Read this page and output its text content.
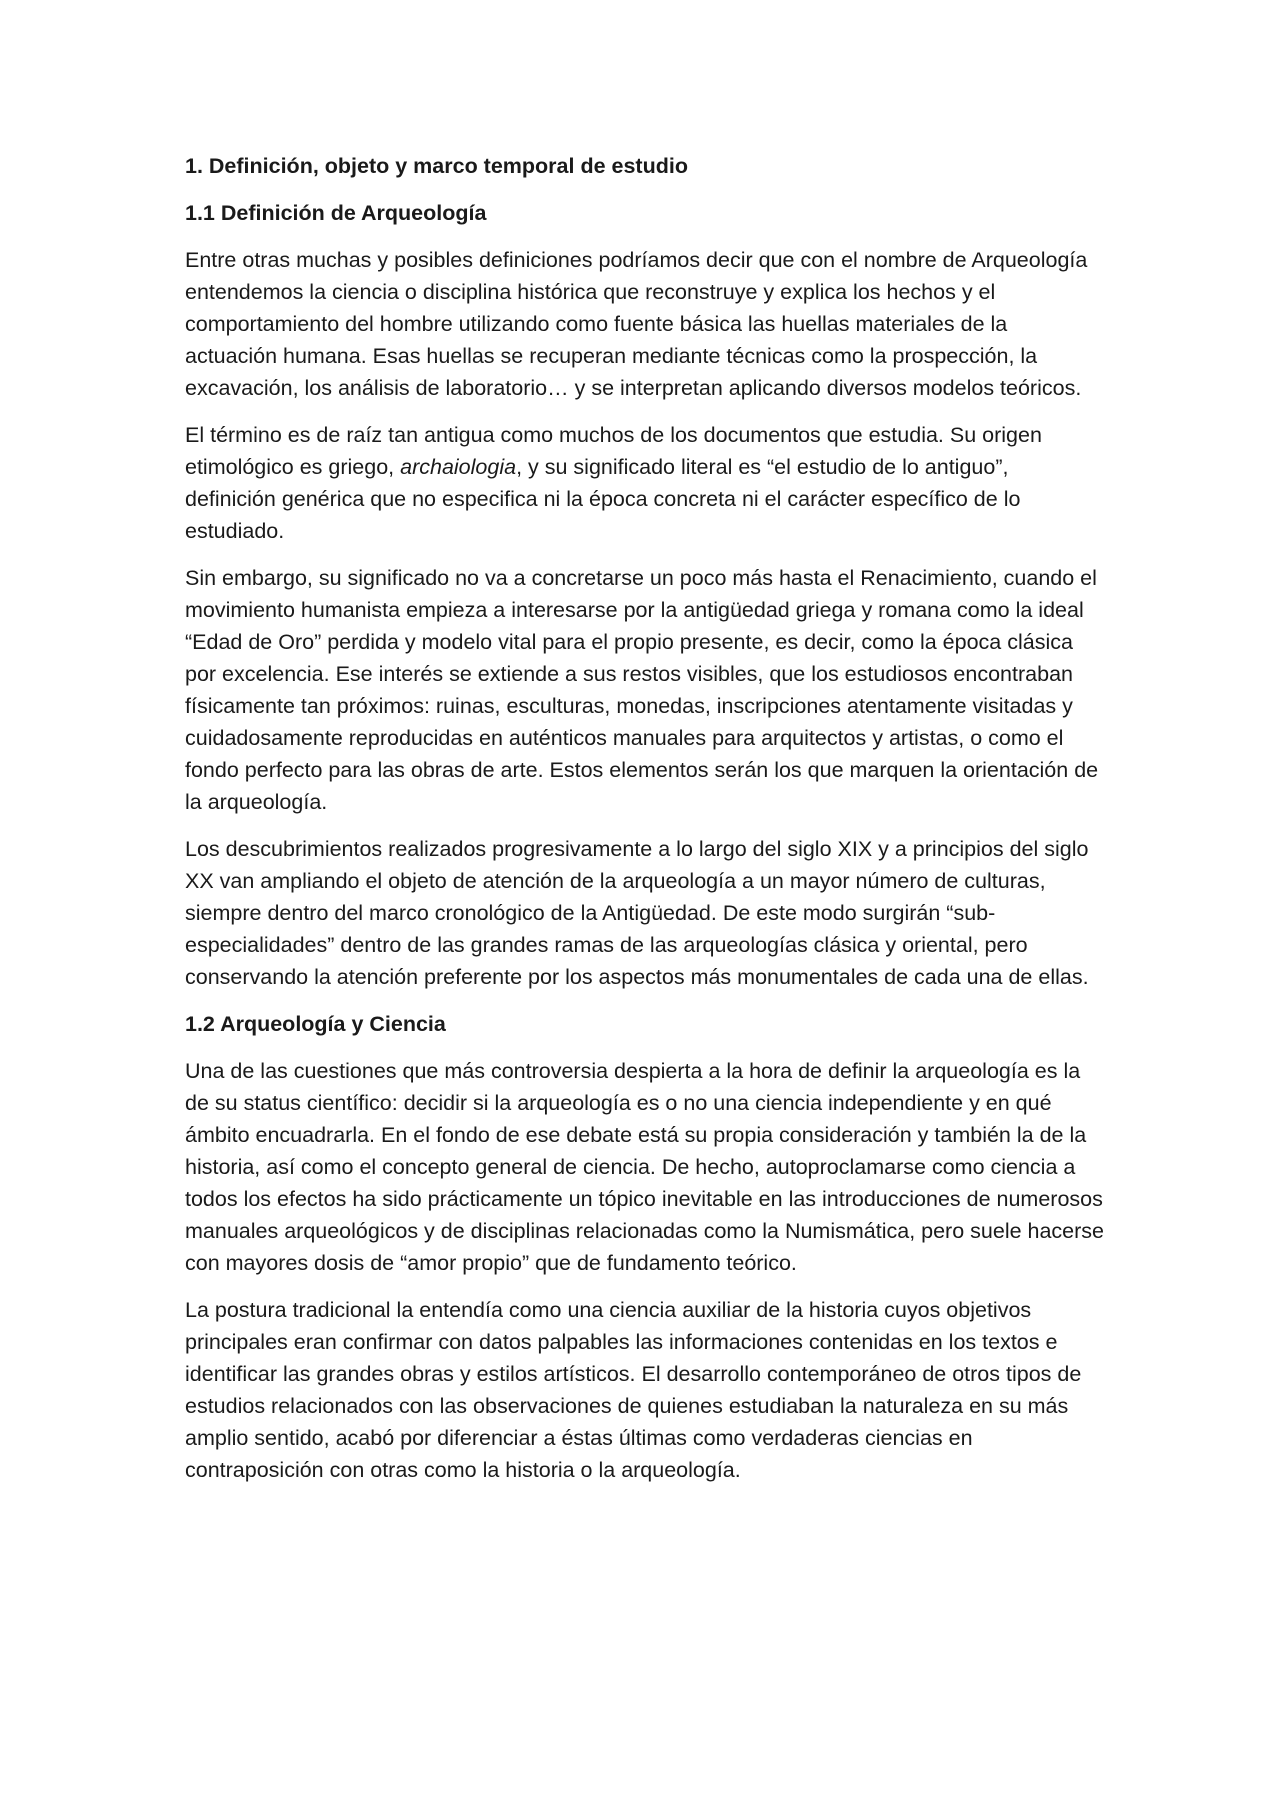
1. Definición, objeto y marco temporal de estudio
1.1 Definición de Arqueología

Entre otras muchas y posibles definiciones podríamos decir que con el nombre de Arqueología entendemos la ciencia o disciplina histórica que reconstruye y explica los hechos y el comportamiento del hombre utilizando como fuente básica las huellas materiales de la actuación humana. Esas huellas se recuperan mediante técnicas como la prospección, la excavación, los análisis de laboratorio… y se interpretan aplicando diversos modelos teóricos.

El término es de raíz tan antigua como muchos de los documentos que estudia. Su origen etimológico es griego, archaiologia, y su significado literal es “el estudio de lo antiguo”, definición genérica que no especifica ni la época concreta ni el carácter específico de lo estudiado.

Sin embargo, su significado no va a concretarse un poco más hasta el Renacimiento, cuando el movimiento humanista empieza a interesarse por la antigüedad griega y romana como la ideal “Edad de Oro” perdida y modelo vital para el propio presente, es decir, como la época clásica por excelencia. Ese interés se extiende a sus restos visibles, que los estudiosos encontraban físicamente tan próximos: ruinas, esculturas, monedas, inscripciones atentamente visitadas y cuidadosamente reproducidas en auténticos manuales para arquitectos y artistas, o como el fondo perfecto para las obras de arte. Estos elementos serán los que marquen la orientación de la arqueología.

Los descubrimientos realizados progresivamente a lo largo del siglo XIX y a principios del siglo XX van ampliando el objeto de atención de la arqueología a un mayor número de culturas, siempre dentro del marco cronológico de la Antigüedad. De este modo surgirán “sub-especialidades” dentro de las grandes ramas de las arqueologías clásica y oriental, pero conservando la atención preferente por los aspectos más monumentales de cada una de ellas.

1.2 Arqueología y Ciencia

Una de las cuestiones que más controversia despierta a la hora de definir la arqueología es la de su status científico: decidir si la arqueología es o no una ciencia independiente y en qué ámbito encuadrarla. En el fondo de ese debate está su propia consideración y también la de la historia, así como el concepto general de ciencia. De hecho, autoproclamarse como ciencia a todos los efectos ha sido prácticamente un tópico inevitable en las introducciones de numerosos manuales arqueológicos y de disciplinas relacionadas como la Numismática, pero suele hacerse con mayores dosis de “amor propio” que de fundamento teórico.

La postura tradicional la entendía como una ciencia auxiliar de la historia cuyos objetivos principales eran confirmar con datos palpables las informaciones contenidas en los textos e identificar las grandes obras y estilos artísticos. El desarrollo contemporáneo de otros tipos de estudios relacionados con las observaciones de quienes estudiaban la naturaleza en su más amplio sentido, acabó por diferenciar a éstas últimas como verdaderas ciencias en contraposición con otras como la historia o la arqueología.
